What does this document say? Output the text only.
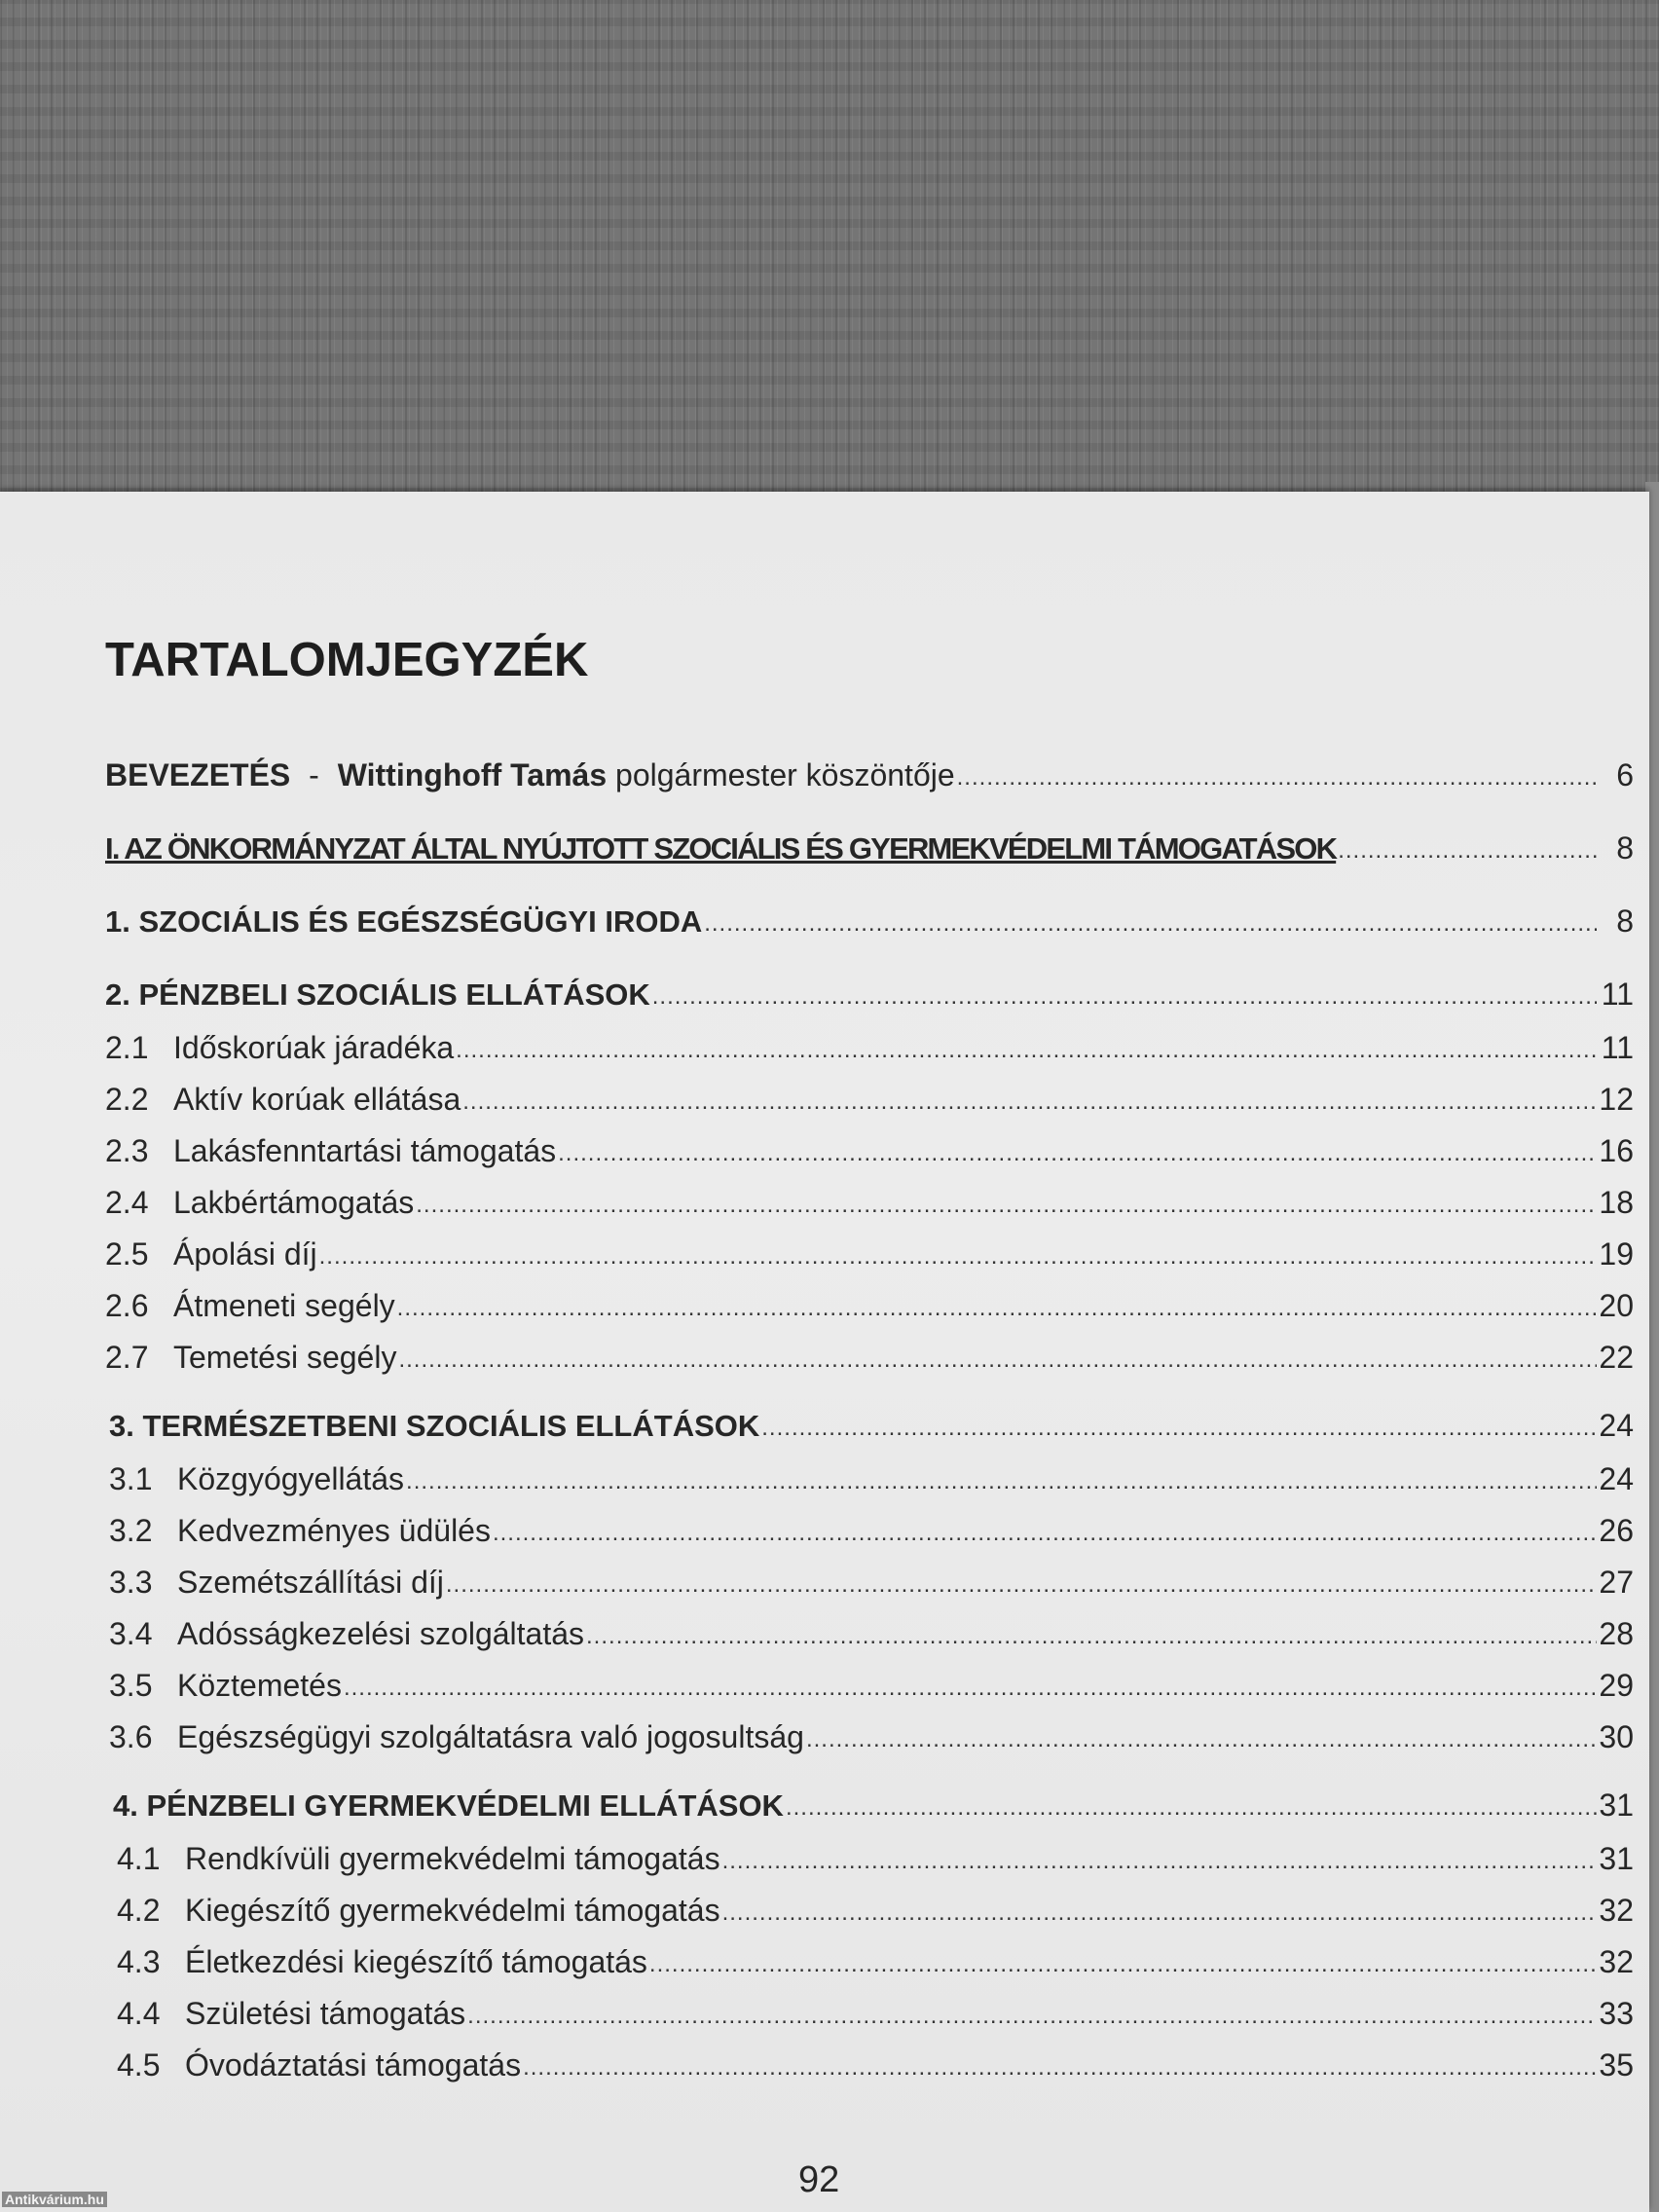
TARTALOMJEGYZÉK
BEVEZETÉS - Wittinghoff Tamás polgármester köszöntője .....	6
I. AZ ÖNKORMÁNYZAT ÁLTAL NYÚJTOTT SZOCIÁLIS ÉS GYERMEKVÉDELMI TÁMOGATÁSOK .....	8
1. SZOCIÁLIS ÉS EGÉSZSÉGÜGYI IRODA .....	8
2. PÉNZBELI SZOCIÁLIS ELLÁTÁSOK .....	11
2.1 Időskorúak járadéka .....	11
2.2 Aktív korúak ellátása .....	12
2.3 Lakásfenntartási támogatás .....	16
2.4 Lakbértámogatás .....	18
2.5 Ápolási díj .....	19
2.6 Átmeneti segély .....	20
2.7 Temetési segély .....	22
3. TERMÉSZETBENI SZOCIÁLIS ELLÁTÁSOK .....	24
3.1 Közgyógyellátás .....	24
3.2 Kedvezményes üdülés .....	26
3.3 Szemétszállítási díj .....	27
3.4 Adósságkezelési szolgáltatás .....	28
3.5 Köztemetés .....	29
3.6 Egészségügyi szolgáltatásra való jogosultság .....	30
4. PÉNZBELI GYERMEKVÉDELMI ELLÁTÁSOK .....	31
4.1 Rendkívüli gyermekvédelmi támogatás .....	31
4.2 Kiegészítő gyermekvédelmi támogatás .....	32
4.3 Életkezdési kiegészítő támogatás .....	32
4.4 Születési támogatás .....	33
4.5 Óvodáztatási támogatás .....	35
92
Antikvárium.hu
